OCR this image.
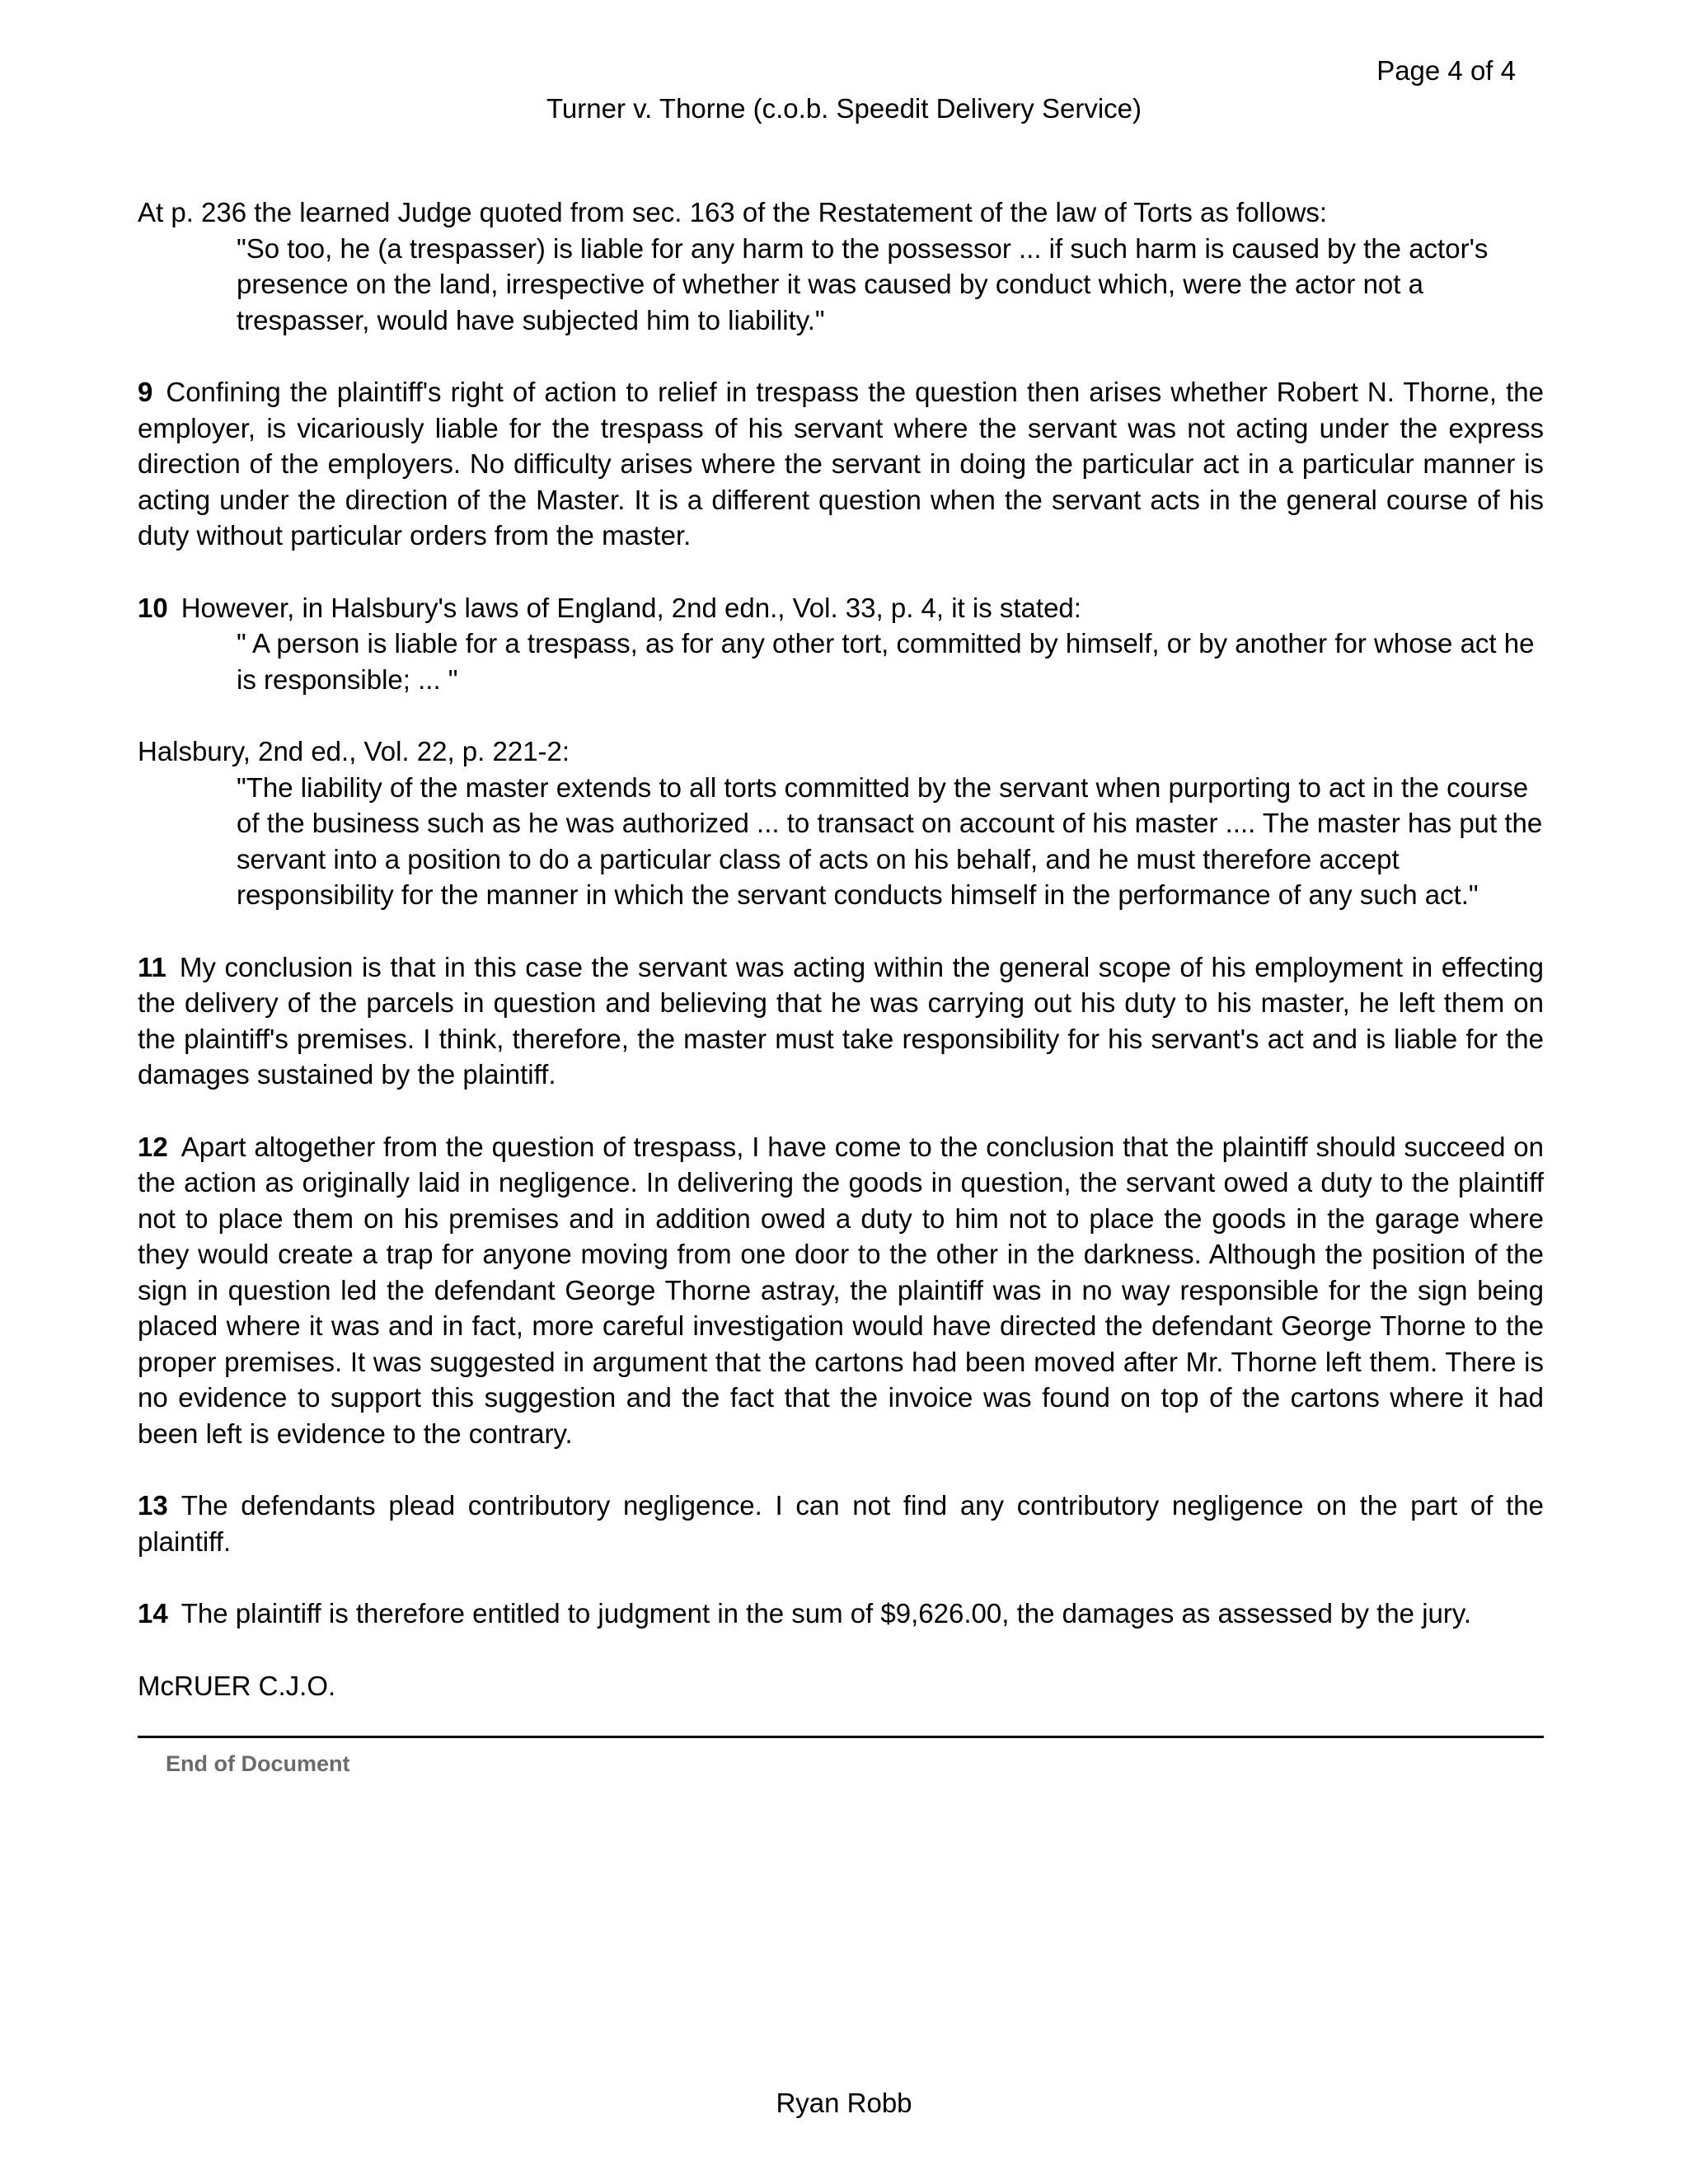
Page 4 of 4
Turner v. Thorne (c.o.b. Speedit Delivery Service)

At p. 236 the learned Judge quoted from sec. 163 of the Restatement of the law of Torts as follows:

"So too, he (a trespasser) is liable for any harm to the possessor ... if such harm is caused by the actor's presence on the land, irrespective of whether it was caused by conduct which, were the actor not a trespasser, would have subjected him to liability."

9 Confining the plaintiff's right of action to relief in trespass the question then arises whether Robert N. Thorne, the employer, is vicariously liable for the trespass of his servant where the servant was not acting under the express direction of the employers. No difficulty arises where the servant in doing the particular act in a particular manner is acting under the direction of the Master. It is a different question when the servant acts in the general course of his duty without particular orders from the master.

10 However, in Halsbury's laws of England, 2nd edn., Vol. 33, p. 4, it is stated:

" A person is liable for a trespass, as for any other tort, committed by himself, or by another for whose act he is responsible; ... "

Halsbury, 2nd ed., Vol. 22, p. 221-2:

"The liability of the master extends to all torts committed by the servant when purporting to act in the course of the business such as he was authorized ... to transact on account of his master .... The master has put the servant into a position to do a particular class of acts on his behalf, and he must therefore accept responsibility for the manner in which the servant conducts himself in the performance of any such act."

11 My conclusion is that in this case the servant was acting within the general scope of his employment in effecting the delivery of the parcels in question and believing that he was carrying out his duty to his master, he left them on the plaintiff's premises. I think, therefore, the master must take responsibility for his servant's act and is liable for the damages sustained by the plaintiff.

12 Apart altogether from the question of trespass, I have come to the conclusion that the plaintiff should succeed on the action as originally laid in negligence. In delivering the goods in question, the servant owed a duty to the plaintiff not to place them on his premises and in addition owed a duty to him not to place the goods in the garage where they would create a trap for anyone moving from one door to the other in the darkness. Although the position of the sign in question led the defendant George Thorne astray, the plaintiff was in no way responsible for the sign being placed where it was and in fact, more careful investigation would have directed the defendant George Thorne to the proper premises. It was suggested in argument that the cartons had been moved after Mr. Thorne left them. There is no evidence to support this suggestion and the fact that the invoice was found on top of the cartons where it had been left is evidence to the contrary.

13 The defendants plead contributory negligence. I can not find any contributory negligence on the part of the plaintiff.

14 The plaintiff is therefore entitled to judgment in the sum of $9,626.00, the damages as assessed by the jury.

McRUER C.J.O.

End of Document
Ryan Robb
